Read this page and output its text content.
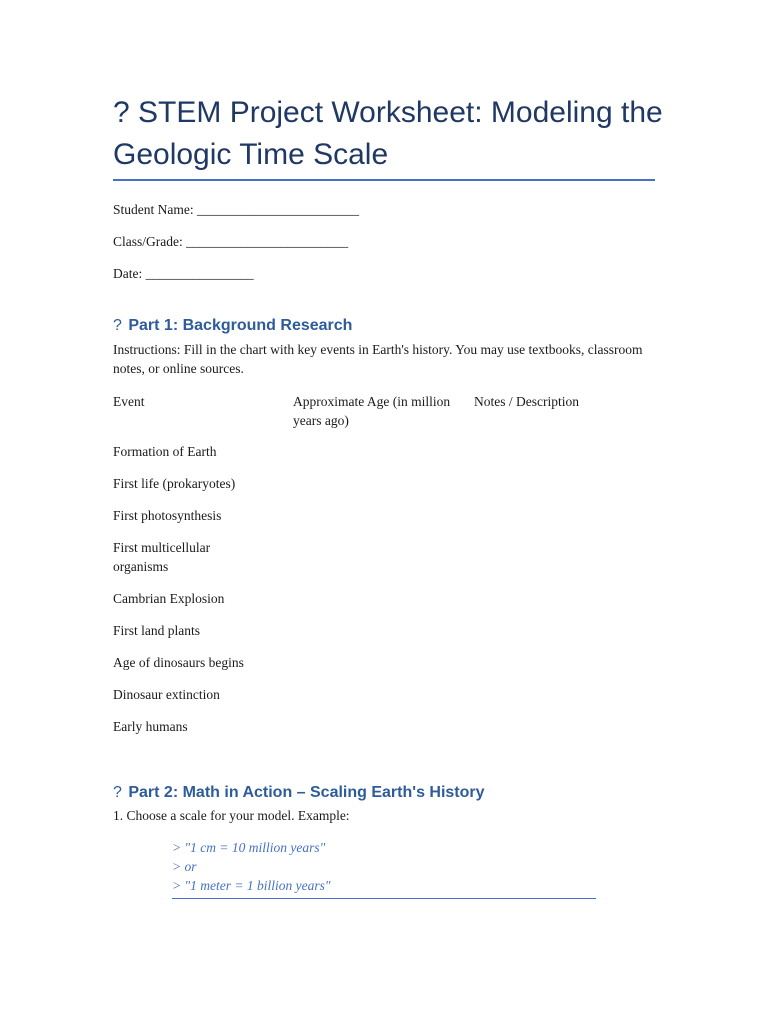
? STEM Project Worksheet: Modeling the Geologic Time Scale
Student Name: ________________________
Class/Grade: ________________________
Date: ________________
? Part 1: Background Research
Instructions: Fill in the chart with key events in Earth's history. You may use textbooks, classroom notes, or online sources.
Event	Approximate Age (in million years ago)
Notes / Description
Formation of Earth
First life (prokaryotes)
First photosynthesis
First multicellular organisms
Cambrian Explosion
First land plants
Age of dinosaurs begins
Dinosaur extinction
Early humans
? Part 2: Math in Action – Scaling Earth's History
1. Choose a scale for your model. Example:
> "1 cm = 10 million years"
> or
> "1 meter = 1 billion years"
